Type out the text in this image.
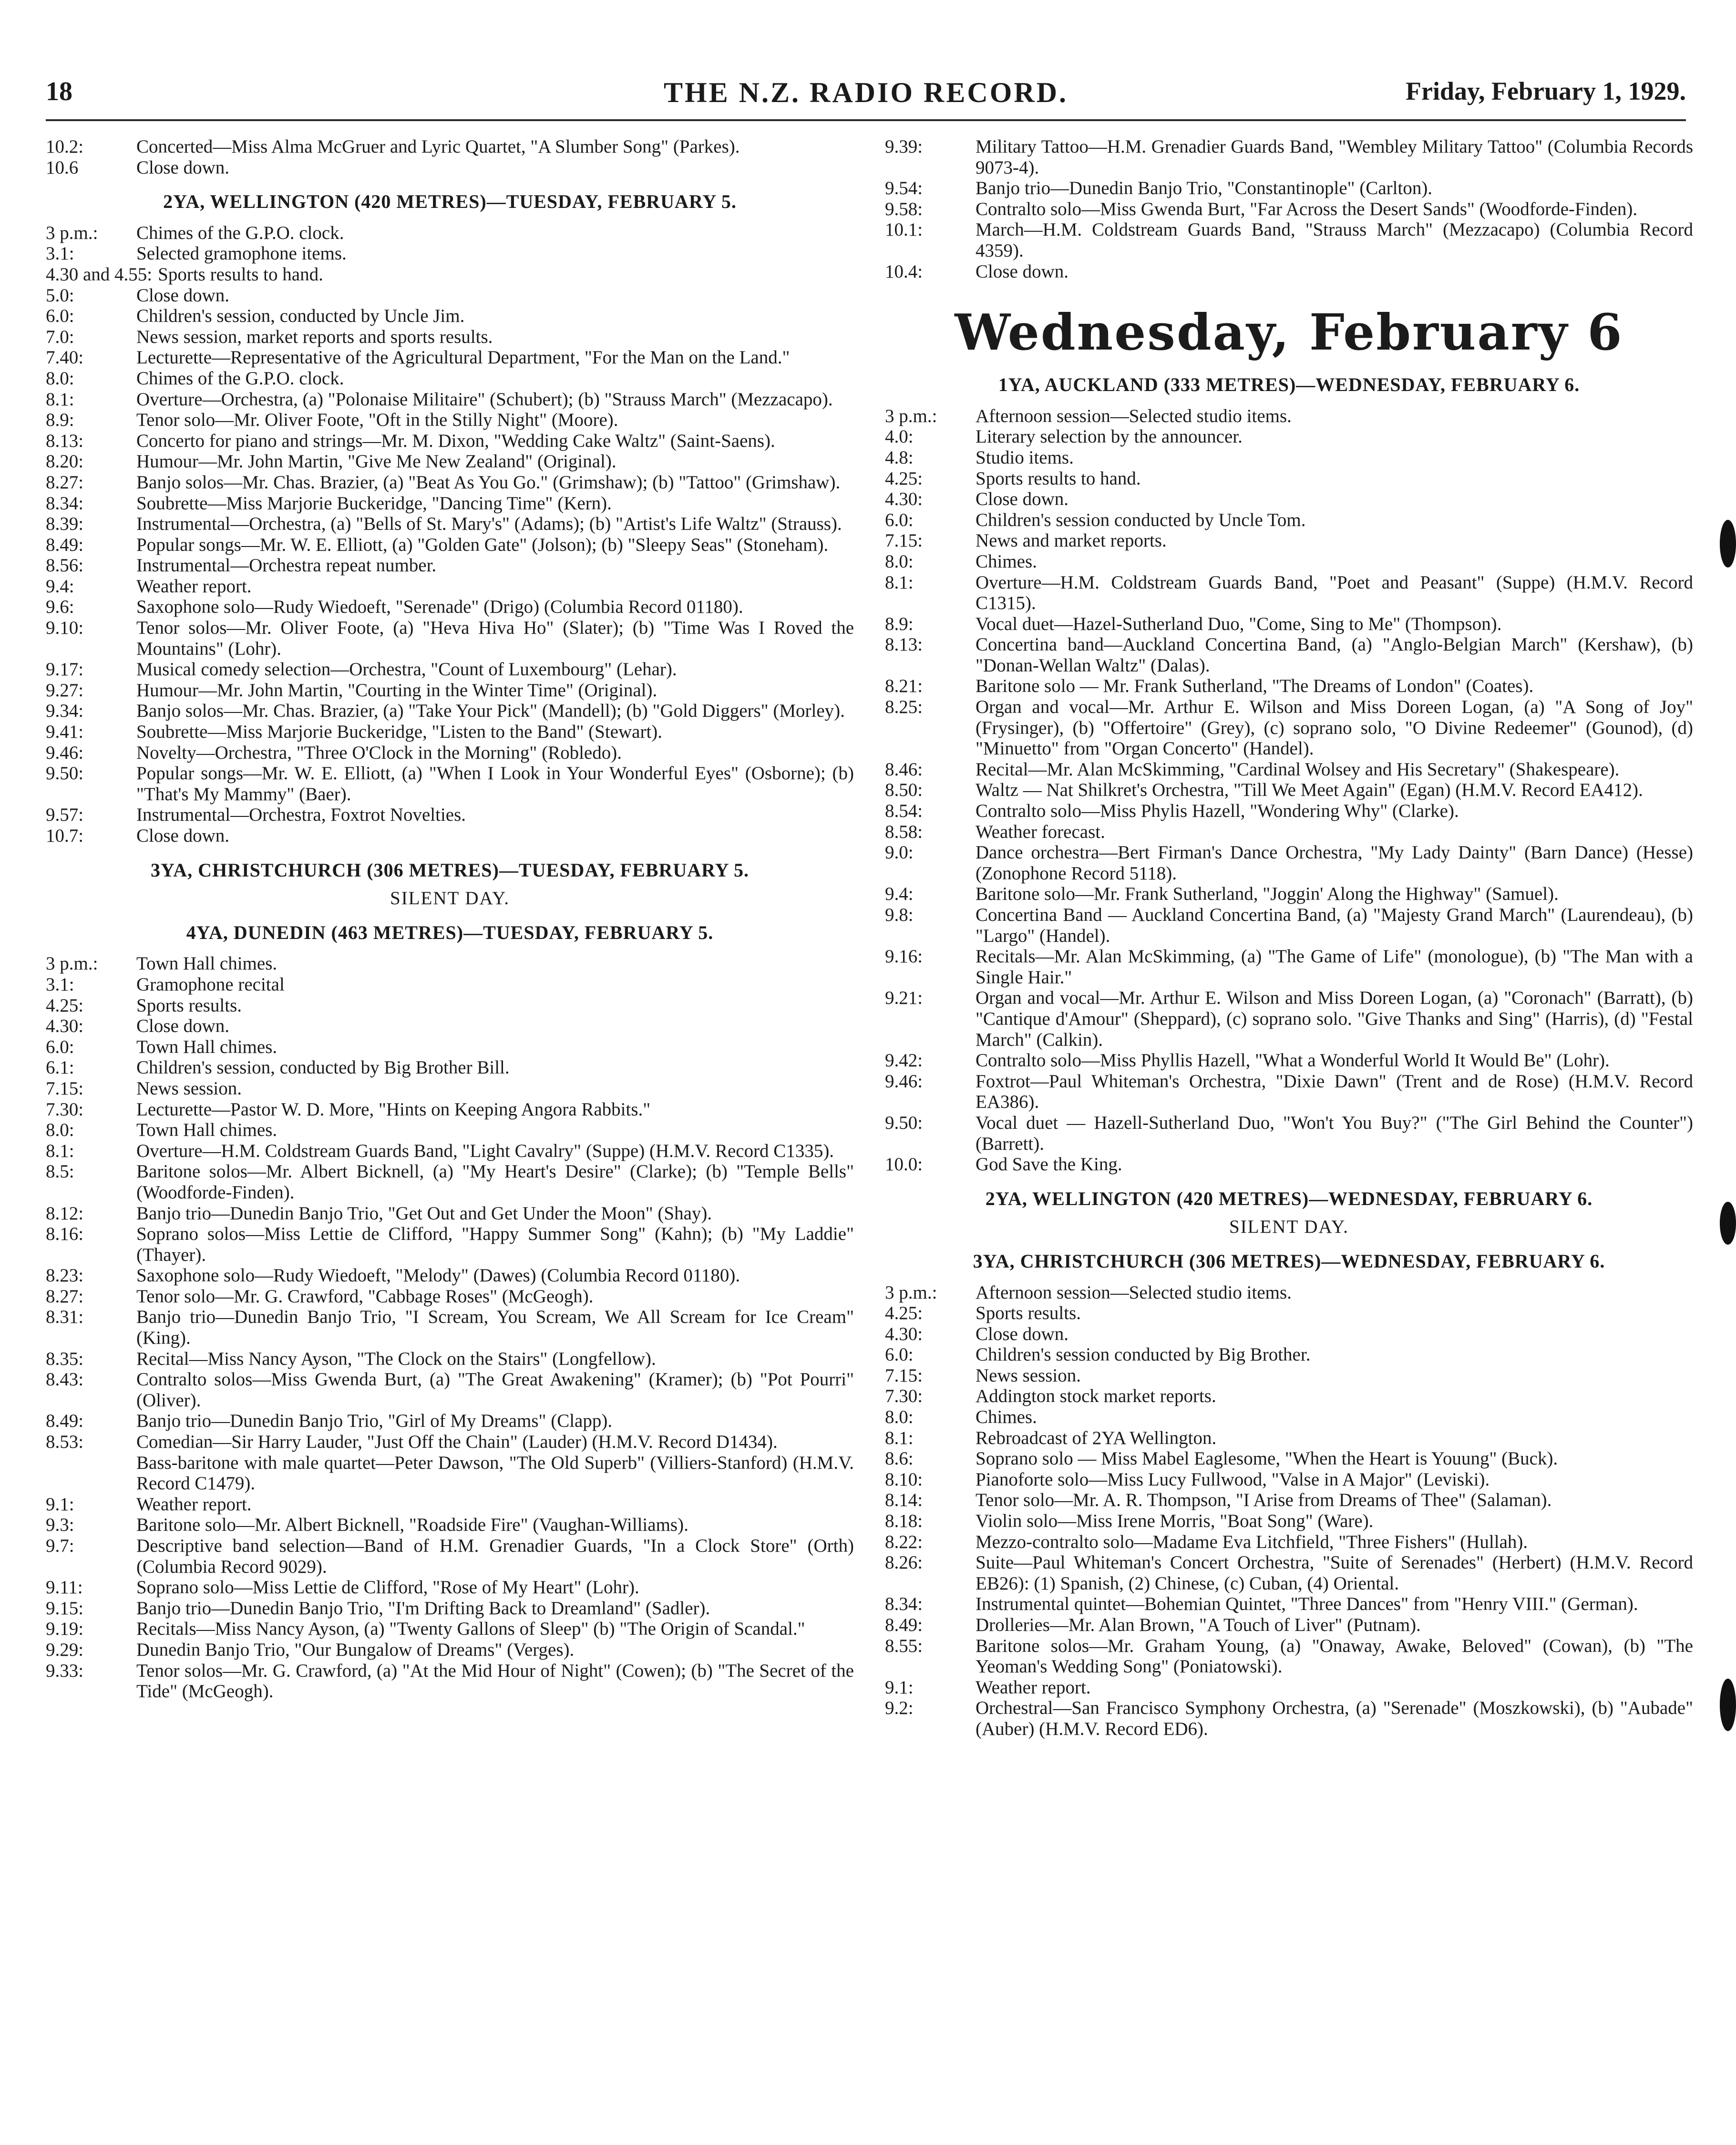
18	THE N.Z. RADIO RECORD.	Friday, February 1, 1929.
10.2:	Concerted—Miss Alma McGruer and Lyric Quartet, "A Slumber Song" (Parkes).
10.6	Close down.
2YA, WELLINGTON (420 METRES)—TUESDAY, FEBRUARY 5.
3 p.m.: Chimes of the G.P.O. clock.
3.1:	Selected gramophone items.
4.30 and 4.55: Sports results to hand.
5.0:	Close down.
6.0:	Children's session, conducted by Uncle Jim.
7.0:	News session, market reports and sports results.
7.40:	Lecturette—Representative of the Agricultural Department, "For the Man on the Land."
8.0:	Chimes of the G.P.O. clock.
8.1:	Overture—Orchestra, (a) "Polonaise Militaire" (Schubert); (b) "Strauss March" (Mezzacapo).
8.9:	Tenor solo—Mr. Oliver Foote, "Oft in the Stilly Night" (Moore).
8.13:	Concerto for piano and strings—Mr. M. Dixon, "Wedding Cake Waltz" (Saint-Saens).
8.20:	Humour—Mr. John Martin, "Give Me New Zealand" (Original).
8.27:	Banjo solos—Mr. Chas. Brazier, (a) "Beat As You Go." (Grimshaw); (b) "Tattoo" (Grimshaw).
8.34:	Soubrette—Miss Marjorie Buckeridge, "Dancing Time" (Kern).
8.39:	Instrumental—Orchestra, (a) "Bells of St. Mary's" (Adams); (b) "Artist's Life Waltz" (Strauss).
8.49:	Popular songs—Mr. W. E. Elliott, (a) "Golden Gate" (Jolson); (b) "Sleepy Seas" (Stoneham).
8.56:	Instrumental—Orchestra repeat number.
9.4:	Weather report.
9.6:	Saxophone solo—Rudy Wiedoeft, "Serenade" (Drigo) (Columbia Record 01180).
9.10:	Tenor solos—Mr. Oliver Foote, (a) "Heva Hiva Ho" (Slater); (b) "Time Was I Roved the Mountains" (Lohr).
9.17:	Musical comedy selection—Orchestra, "Count of Luxembourg" (Lehar).
9.27:	Humour—Mr. John Martin, "Courting in the Winter Time" (Original).
9.34:	Banjo solos—Mr. Chas. Brazier, (a) "Take Your Pick" (Mandell); (b) "Gold Diggers" (Morley).
9.41:	Soubrette—Miss Marjorie Buckeridge, "Listen to the Band" (Stewart).
9.46:	Novelty—Orchestra, "Three O'Clock in the Morning" (Robledo).
9.50:	Popular songs—Mr. W. E. Elliott, (a) "When I Look in Your Wonderful Eyes" (Osborne); (b) "That's My Mammy" (Baer).
9.57:	Instrumental—Orchestra, Foxtrot Novelties.
10.7:	Close down.
3YA, CHRISTCHURCH (306 METRES)—TUESDAY, FEBRUARY 5.
SILENT DAY.
4YA, DUNEDIN (463 METRES)—TUESDAY, FEBRUARY 5.
3 p.m.: Town Hall chimes.
3.1:	Gramophone recital
4.25:	Sports results.
4.30:	Close down.
6.0:	Town Hall chimes.
6.1:	Children's session, conducted by Big Brother Bill.
7.15:	News session.
7.30:	Lecturette—Pastor W. D. More, "Hints on Keeping Angora Rabbits."
8.0:	Town Hall chimes.
8.1:	Overture—H.M. Coldstream Guards Band, "Light Cavalry" (Suppe) (H.M.V. Record C1335).
8.5:	Baritone solos—Mr. Albert Bicknell, (a) "My Heart's Desire" (Clarke); (b) "Temple Bells" (Woodforde-Finden).
8.12:	Banjo trio—Dunedin Banjo Trio, "Get Out and Get Under the Moon" (Shay).
8.16:	Soprano solos—Miss Lettie de Clifford, "Happy Summer Song" (Kahn); (b) "My Laddie" (Thayer).
8.23:	Saxophone solo—Rudy Wiedoeft, "Melody" (Dawes) (Columbia Record 01180).
8.27:	Tenor solo—Mr. G. Crawford, "Cabbage Roses" (McGeogh).
8.31:	Banjo trio—Dunedin Banjo Trio, "I Scream, You Scream, We All Scream for Ice Cream" (King).
8.35:	Recital—Miss Nancy Ayson, "The Clock on the Stairs" (Longfellow).
8.43:	Contralto solos—Miss Gwenda Burt, (a) "The Great Awakening" (Kramer); (b) "Pot Pourri" (Oliver).
8.49:	Banjo trio—Dunedin Banjo Trio, "Girl of My Dreams" (Clapp).
8.53:	Comedian—Sir Harry Lauder, "Just Off the Chain" (Lauder) (H.M.V. Record D1434).
Bass-baritone with male quartet—Peter Dawson, "The Old Superb" (Villiers-Stanford) (H.M.V. Record C1479).
9.1:	Weather report.
9.3:	Baritone solo—Mr. Albert Bicknell, "Roadside Fire" (Vaughan-Williams).
9.7:	Descriptive band selection—Band of H.M. Grenadier Guards, "In a Clock Store" (Orth) (Columbia Record 9029).
9.11:	Soprano solo—Miss Lettie de Clifford, "Rose of My Heart" (Lohr).
9.15:	Banjo trio—Dunedin Banjo Trio, "I'm Drifting Back to Dreamland" (Sadler).
9.19:	Recitals—Miss Nancy Ayson, (a) "Twenty Gallons of Sleep" (b) "The Origin of Scandal."
9.29:	Dunedin Banjo Trio, "Our Bungalow of Dreams" (Verges).
9.33:	Tenor solos—Mr. G. Crawford, (a) "At the Mid Hour of Night" (Cowen); (b) "The Secret of the Tide" (McGeogh).
9.39:	Military Tattoo—H.M. Grenadier Guards Band, "Wembley Military Tattoo" (Columbia Records 9073-4).
9.54:	Banjo trio—Dunedin Banjo Trio, "Constantinople" (Carlton).
9.58:	Contralto solo—Miss Gwenda Burt, "Far Across the Desert Sands" (Woodforde-Finden).
10.1:	March—H.M. Coldstream Guards Band, "Strauss March" (Mezzacapo) (Columbia Record 4359).
10.4:	Close down.
Wednesday, February 6
1YA, AUCKLAND (333 METRES)—WEDNESDAY, FEBRUARY 6.
3 p.m.: Afternoon session—Selected studio items.
4.0:	Literary selection by the announcer.
4.8:	Studio items.
4.25:	Sports results to hand.
4.30:	Close down.
6.0:	Children's session conducted by Uncle Tom.
7.15:	News and market reports.
8.0:	Chimes.
8.1:	Overture—H.M. Coldstream Guards Band, "Poet and Peasant" (Suppe) (H.M.V. Record C1315).
8.9:	Vocal duet—Hazel-Sutherland Duo, "Come, Sing to Me" (Thompson).
8.13:	Concertina band—Auckland Concertina Band, (a) "Anglo-Belgian March" (Kershaw), (b) "Donan-Wellan Waltz" (Dalas).
8.21:	Baritone solo — Mr. Frank Sutherland, "The Dreams of London" (Coates).
8.25:	Organ and vocal—Mr. Arthur E. Wilson and Miss Doreen Logan, (a) "A Song of Joy" (Frysinger), (b) "Offertoire" (Grey), (c) soprano solo, "O Divine Redeemer" (Gounod), (d) "Minuetto" from "Organ Concerto" (Handel).
8.46:	Recital—Mr. Alan McSkimming, "Cardinal Wolsey and His Secretary" (Shakespeare).
8.50:	Waltz — Nat Shilkret's Orchestra, "Till We Meet Again" (Egan) (H.M.V. Record EA412).
8.54:	Contralto solo—Miss Phylis Hazell, "Wondering Why" (Clarke).
8.58:	Weather forecast.
9.0:	Dance orchestra—Bert Firman's Dance Orchestra, "My Lady Dainty" (Barn Dance) (Hesse) (Zonophone Record 5118).
9.4:	Baritone solo—Mr. Frank Sutherland, "Joggin' Along the Highway" (Samuel).
9.8:	Concertina Band — Auckland Concertina Band, (a) "Majesty Grand March" (Laurendeau), (b) "Largo" (Handel).
9.16:	Recitals—Mr. Alan McSkimming, (a) "The Game of Life" (monologue), (b) "The Man with a Single Hair."
9.21:	Organ and vocal—Mr. Arthur E. Wilson and Miss Doreen Logan, (a) "Coronach" (Barratt), (b) "Cantique d'Amour" (Sheppard), (c) soprano solo. "Give Thanks and Sing" (Harris), (d) "Festal March" (Calkin).
9.42:	Contralto solo—Miss Phyllis Hazell, "What a Wonderful World It Would Be" (Lohr).
9.46:	Foxtrot—Paul Whiteman's Orchestra, "Dixie Dawn" (Trent and de Rose) (H.M.V. Record EA386).
9.50:	Vocal duet — Hazell-Sutherland Duo, "Won't You Buy?" ("The Girl Behind the Counter") (Barrett).
10.0:	God Save the King.
2YA, WELLINGTON (420 METRES)—WEDNESDAY, FEBRUARY 6.
SILENT DAY.
3YA, CHRISTCHURCH (306 METRES)—WEDNESDAY, FEBRUARY 6.
3 p.m.: Afternoon session—Selected studio items.
4.25:	Sports results.
4.30:	Close down.
6.0:	Children's session conducted by Big Brother.
7.15:	News session.
7.30:	Addington stock market reports.
8.0:	Chimes.
8.1:	Rebroadcast of 2YA Wellington.
8.6:	Soprano solo — Miss Mabel Eaglesome, "When the Heart is Youung" (Buck).
8.10:	Pianoforte solo—Miss Lucy Fullwood, "Valse in A Major" (Leviski).
8.14:	Tenor solo—Mr. A. R. Thompson, "I Arise from Dreams of Thee" (Salaman).
8.18:	Violin solo—Miss Irene Morris, "Boat Song" (Ware).
8.22:	Mezzo-contralto solo—Madame Eva Litchfield, "Three Fishers" (Hullah).
8.26:	Suite—Paul Whiteman's Concert Orchestra, "Suite of Serenades" (Herbert) (H.M.V. Record EB26): (1) Spanish, (2) Chinese, (c) Cuban, (4) Oriental.
8.34:	Instrumental quintet—Bohemian Quintet, "Three Dances" from "Henry VIII." (German).
8.49:	Drolleries—Mr. Alan Brown, "A Touch of Liver" (Putnam).
8.55:	Baritone solos—Mr. Graham Young, (a) "Onaway, Awake, Beloved" (Cowan), (b) "The Yeoman's Wedding Song" (Poniatowski).
9.1:	Weather report.
9.2:	Orchestral—San Francisco Symphony Orchestra, (a) "Serenade" (Moszkowski), (b) "Aubade" (Auber) (H.M.V. Record ED6).
